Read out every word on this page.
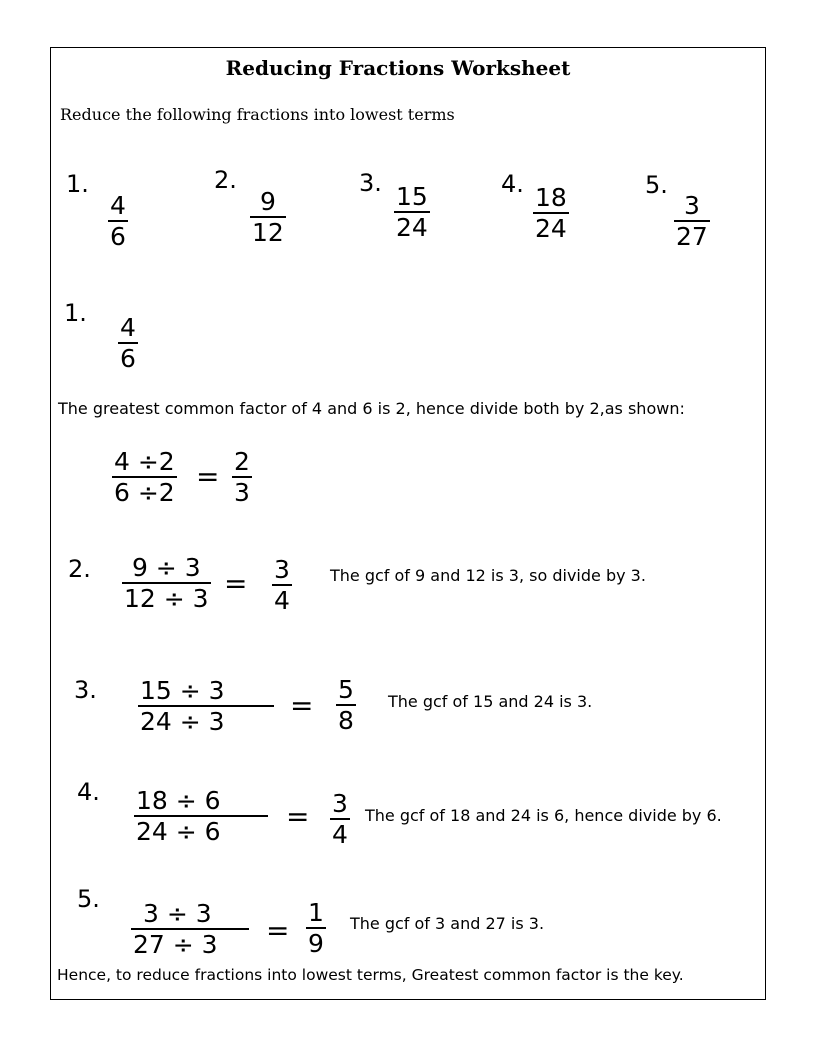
Reducing Fractions Worksheet
Reduce the following fractions into lowest terms
1.
4
6
2.
9
12
3. 15
24
4. 18
24
5.
3
27
1. 4
6
The greatest common factor of 4 and 6 is 2, hence divide both by 2,as shown:
4 ÷2
6 ÷2 = 2
3
2. 9 ÷ 3
12 ÷ 3 = 3
4
The gcf of 9 and 12 is 3, so divide by 3.
3. 15 ÷ 3
24 ÷ 3 = 5
8
The gcf of 15 and 24 is 3.
4. 18 ÷ 6
24 ÷ 6 = 3
4
The gcf of 18 and 24 is 6, hence divide by 6.
5.	3 ÷ 3
27 ÷ 3 =
1
9
The gcf of 3 and 27 is 3.
Hence, to reduce fractions into lowest terms, Greatest common factor is the key.
